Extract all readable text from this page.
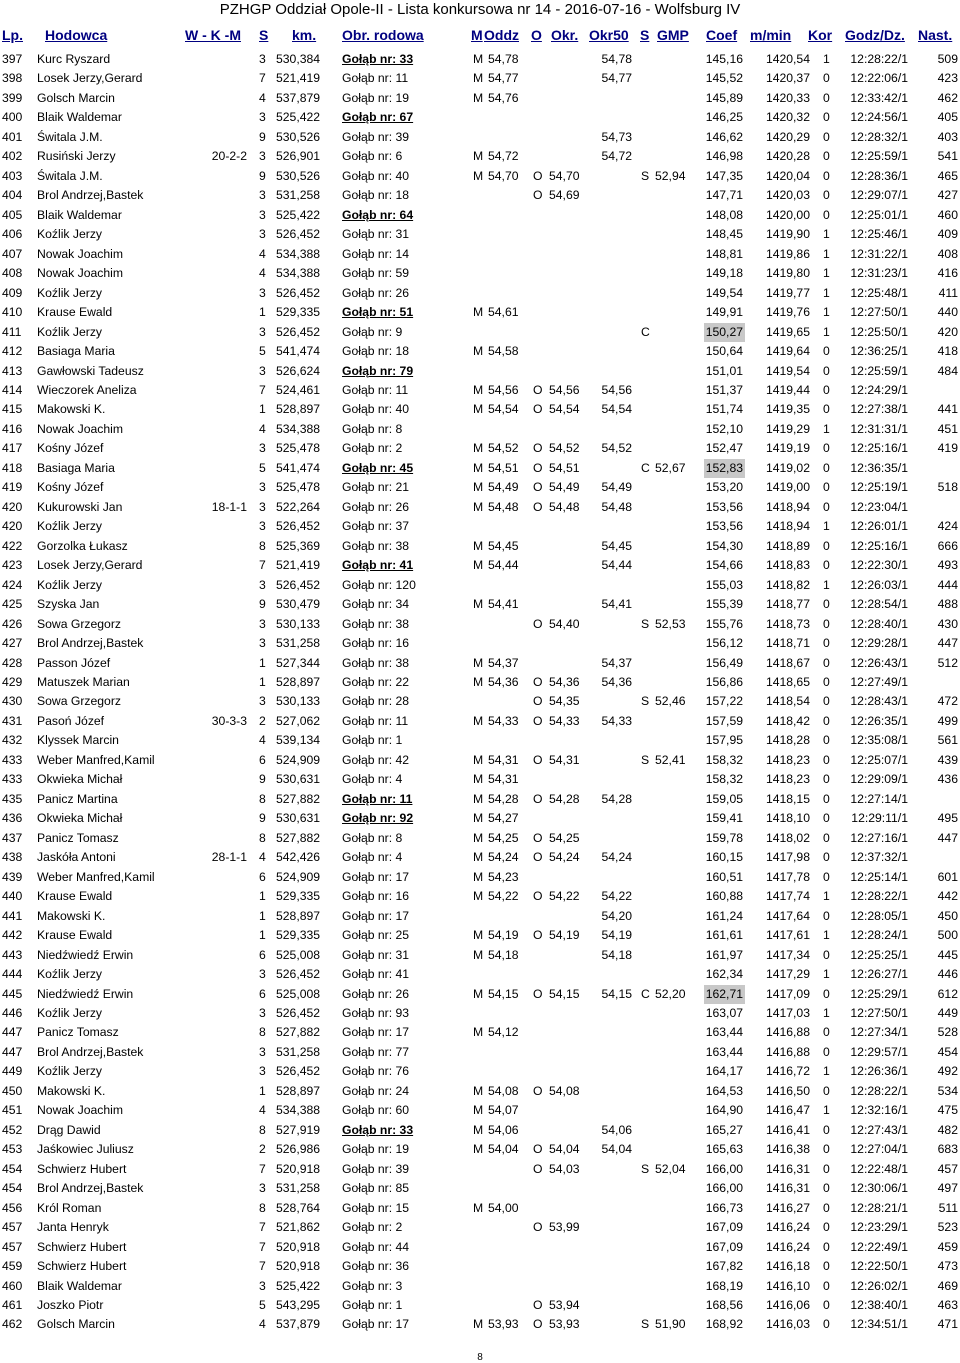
PZHGP Oddział Opole-II - Lista konkursowa nr 14 - 2016-07-16 - Wolfsburg IV
Lp. Hodowca	W - K -M S km. Obr. rodowa	M Oddz O Okr. Okr50 S GMP Coef m/min Kor Godz/Dz. Nast.
397 Kurc Ryszard	3 530,384 Gołąb nr: 33	M 54,78	54,78	145,16 1420,54 1 12:28:22/1 509
398 Losek Jerzy,Gerard	7 521,419 Gołąb nr: 11	M 54,77	54,77	145,52 1420,37 0 12:22:06/1 423
399 Golsch Marcin	4 537,879 Gołąb nr: 19	M 54,76	145,89 1420,33 0 12:33:42/1 462
400 Blaik Waldemar	3 525,422 Gołąb nr: 67	146,25 1420,32 0 12:24:56/1 405
401 Świtala J.M.	9 530,526 Gołąb nr: 39	54,73	146,62 1420,29 0 12:28:32/1 403
402 Rusiński Jerzy	20-2-2 3 526,901 Gołąb nr: 6	M 54,72	54,72	146,98 1420,28 0 12:25:59/1 541
403 Świtala J.M.	9 530,526 Gołąb nr: 40	M 54,70 O 54,70	S 52,94 147,35 1420,04 0 12:28:36/1 465
404 Brol Andrzej,Bastek	3 531,258 Gołąb nr: 18	O 54,69	147,71 1420,03 0 12:29:07/1 427
405 Blaik Waldemar	3 525,422 Gołąb nr: 64	148,08 1420,00 0 12:25:01/1 460
406 Koźlik Jerzy	3 526,452 Gołąb nr: 31	148,45 1419,90 1 12:25:46/1 409
407 Nowak Joachim	4 534,388 Gołąb nr: 14	148,81 1419,86 1 12:31:22/1 408
408 Nowak Joachim	4 534,388 Gołąb nr: 59	149,18 1419,80 1 12:31:23/1 416
409 Koźlik Jerzy	3 526,452 Gołąb nr: 26	149,54 1419,77 1 12:25:48/1	411
410 Krause Ewald	1 529,335 Gołąb nr: 51	M 54,61	149,91 1419,76 1 12:27:50/1 440
411 Koźlik Jerzy	3 526,452 Gołąb nr: 9	C	150,27 1419,65 1 12:25:50/1 420
412 Basiaga Maria	5 541,474 Gołąb nr: 18	M 54,58	150,64 1419,64 0 12:36:25/1 418
413 Gawłowski Tadeusz	3 526,624 Gołąb nr: 79	151,01 1419,54 0 12:25:59/1 484
414 Wieczorek Aneliza	7 524,461 Gołąb nr: 11	M 54,56 O 54,56 54,56	151,37 1419,44 0 12:24:29/1
415 Makowski K.	1 528,897 Gołąb nr: 40	M 54,54 O 54,54 54,54	151,74 1419,35 0 12:27:38/1 441
416 Nowak Joachim	4 534,388 Gołąb nr: 8	152,10 1419,29 1 12:31:31/1 451
417 Kośny Józef	3 525,478 Gołąb nr: 2	M 54,52 O 54,52 54,52	152,47 1419,19 0 12:25:16/1 419
418 Basiaga Maria	5 541,474 Gołąb nr: 45	M 54,51 O 54,51	C 52,67 152,83 1419,02 0 12:36:35/1
419 Kośny Józef	3 525,478 Gołąb nr: 21	M 54,49 O 54,49 54,49	153,20 1419,00 0 12:25:19/1 518
420 Kukurowski Jan	18-1-1 3 522,264 Gołąb nr: 26	M 54,48 O 54,48 54,48	153,56 1418,94 0 12:23:04/1
420 Koźlik Jerzy	3 526,452 Gołąb nr: 37	153,56 1418,94 1 12:26:01/1 424
422 Gorzolka Łukasz	8 525,369 Gołąb nr: 38	M 54,45	54,45	154,30 1418,89 0 12:25:16/1 666
423 Losek Jerzy,Gerard	7 521,419 Gołąb nr: 41	M 54,44	54,44	154,66 1418,83 0 12:22:30/1 493
424 Koźlik Jerzy	3 526,452 Gołąb nr: 120	155,03 1418,82 1 12:26:03/1 444
425 Szyska Jan	9 530,479 Gołąb nr: 34	M 54,41	54,41	155,39 1418,77 0 12:28:54/1 488
426 Sowa Grzegorz	3 530,133 Gołąb nr: 38	O 54,40	S 52,53 155,76 1418,73 0 12:28:40/1 430
427 Brol Andrzej,Bastek	3 531,258 Gołąb nr: 16	156,12 1418,71 0 12:29:28/1 447
428 Passon Józef	1 527,344 Gołąb nr: 38	M 54,37	54,37	156,49 1418,67 0 12:26:43/1 512
429 Matuszek Marian	1 528,897 Gołąb nr: 22	M 54,36 O 54,36 54,36	156,86 1418,65 0 12:27:49/1
430 Sowa Grzegorz	3 530,133 Gołąb nr: 28	O 54,35	S 52,46 157,22 1418,54 0 12:28:43/1 472
431 Pasoń Józef	30-3-3 2 527,062 Gołąb nr: 11	M 54,33 O 54,33 54,33	157,59 1418,42 0 12:26:35/1 499
432 Klyssek Marcin	4 539,134 Gołąb nr: 1	157,95 1418,28 0 12:35:08/1 561
433 Weber Manfred,Kamil	6 524,909 Gołąb nr: 42	M 54,31 O 54,31	S 52,41 158,32 1418,23 0 12:25:07/1 439
433 Okwieka Michał	9 530,631 Gołąb nr: 4	M 54,31	158,32 1418,23 0 12:29:09/1 436
435 Panicz Martina	8 527,882 Gołąb nr: 11	M 54,28 O 54,28 54,28	159,05 1418,15 0 12:27:14/1
436 Okwieka Michał	9 530,631 Gołąb nr: 92	M 54,27	159,41 1418,10 0 12:29:11/1 495
437 Panicz Tomasz	8 527,882 Gołąb nr: 8	M 54,25 O 54,25	159,78 1418,02 0 12:27:16/1 447
438 Jaskóła Antoni	28-1-1 4 542,426 Gołąb nr: 4	M 54,24 O 54,24 54,24	160,15 1417,98 0 12:37:32/1
439 Weber Manfred,Kamil	6 524,909 Gołąb nr: 17	M 54,23	160,51 1417,78 0 12:25:14/1 601
440 Krause Ewald	1 529,335 Gołąb nr: 16	M 54,22 O 54,22 54,22	160,88 1417,74 1 12:28:22/1 442
441 Makowski K.	1 528,897 Gołąb nr: 17	54,20	161,24 1417,64 0 12:28:05/1 450
442 Krause Ewald	1 529,335 Gołąb nr: 25	M 54,19 O 54,19 54,19	161,61 1417,61 1 12:28:24/1 500
443 Niedźwiedź Erwin	6 525,008 Gołąb nr: 31	M 54,18	54,18	161,97 1417,34 0 12:25:25/1 445
444 Koźlik Jerzy	3 526,452 Gołąb nr: 41	162,34 1417,29 1 12:26:27/1 446
445 Niedźwiedź Erwin	6 525,008 Gołąb nr: 26	M 54,15 O 54,15 54,15 C 52,20 162,71 1417,09 0 12:25:29/1 612
446 Koźlik Jerzy	3 526,452 Gołąb nr: 93	163,07 1417,03 1 12:27:50/1 449
447 Panicz Tomasz	8 527,882 Gołąb nr: 17	M 54,12	163,44 1416,88 0 12:27:34/1 528
447 Brol Andrzej,Bastek	3 531,258 Gołąb nr: 77	163,44 1416,88 0 12:29:57/1 454
449 Koźlik Jerzy	3 526,452 Gołąb nr: 76	164,17 1416,72 1 12:26:36/1 492
450 Makowski K.	1 528,897 Gołąb nr: 24	M 54,08 O 54,08	164,53 1416,50 0 12:28:22/1 534
451 Nowak Joachim	4 534,388 Gołąb nr: 60	M 54,07	164,90 1416,47 1 12:32:16/1 475
452 Drąg Dawid	8 527,919 Gołąb nr: 33	M 54,06	54,06	165,27 1416,41 0 12:27:43/1 482
453 Jaśkowiec Juliusz	2 526,986 Gołąb nr: 19	M 54,04 O 54,04 54,04	165,63 1416,38 0 12:27:04/1 683
454 Schwierz Hubert	7 520,918 Gołąb nr: 39	O 54,03	S 52,04 166,00 1416,31 0 12:22:48/1 457
454 Brol Andrzej,Bastek	3 531,258 Gołąb nr: 85	166,00 1416,31 0 12:30:06/1 497
456 Król Roman	8 528,764 Gołąb nr: 15	M 54,00	166,73 1416,27 0 12:28:21/1	511
457 Janta Henryk	7 521,862 Gołąb nr: 2	O 53,99	167,09 1416,24 0 12:23:29/1 523
457 Schwierz Hubert	7 520,918 Gołąb nr: 44	167,09 1416,24 0 12:22:49/1 459
459 Schwierz Hubert	7 520,918 Gołąb nr: 36	167,82 1416,18 0 12:22:50/1 473
460 Blaik Waldemar	3 525,422 Gołąb nr: 3	168,19 1416,10 0 12:26:02/1 469
461 Joszko Piotr	5 543,295 Gołąb nr: 1	O 53,94	168,56 1416,06 0 12:38:40/1 463
462 Golsch Marcin	4 537,879 Gołąb nr: 17	M 53,93 O 53,93	S 51,90 168,92 1416,03 0 12:34:51/1 471
8
